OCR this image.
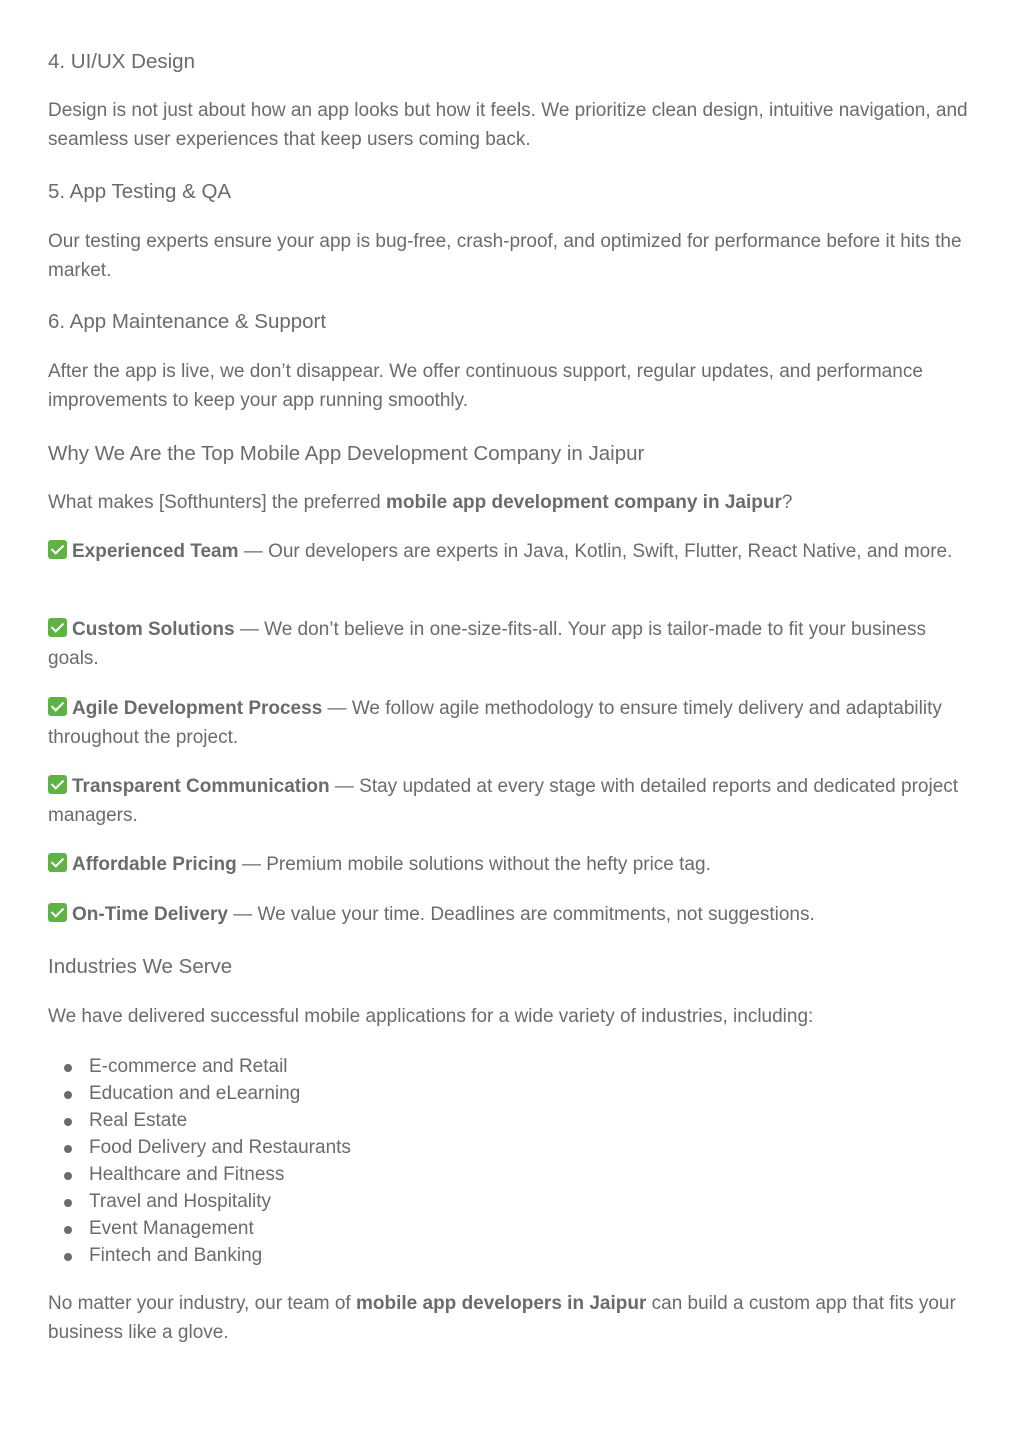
4. UI/UX Design

Design is not just about how an app looks but how it feels. We prioritize clean design, intuitive navigation, and seamless user experiences that keep users coming back.

5. App Testing & QA

Our testing experts ensure your app is bug-free, crash-proof, and optimized for performance before it hits the market.

6. App Maintenance & Support

After the app is live, we don’t disappear. We offer continuous support, regular updates, and performance improvements to keep your app running smoothly.

Why We Are the Top Mobile App Development Company in Jaipur

What makes [Softhunters] the preferred mobile app development company in Jaipur?

Experienced Team — Our developers are experts in Java, Kotlin, Swift, Flutter, React Native, and more.

Custom Solutions — We don’t believe in one-size-fits-all. Your app is tailor-made to fit your business goals.

Agile Development Process — We follow agile methodology to ensure timely delivery and adaptability throughout the project.

Transparent Communication — Stay updated at every stage with detailed reports and dedicated project managers.

Affordable Pricing — Premium mobile solutions without the hefty price tag.

On-Time Delivery — We value your time. Deadlines are commitments, not suggestions.

Industries We Serve

We have delivered successful mobile applications for a wide variety of industries, including:

E-commerce and Retail
Education and eLearning
Real Estate
Food Delivery and Restaurants
Healthcare and Fitness
Travel and Hospitality
Event Management
Fintech and Banking

No matter your industry, our team of mobile app developers in Jaipur can build a custom app that fits your business like a glove.
